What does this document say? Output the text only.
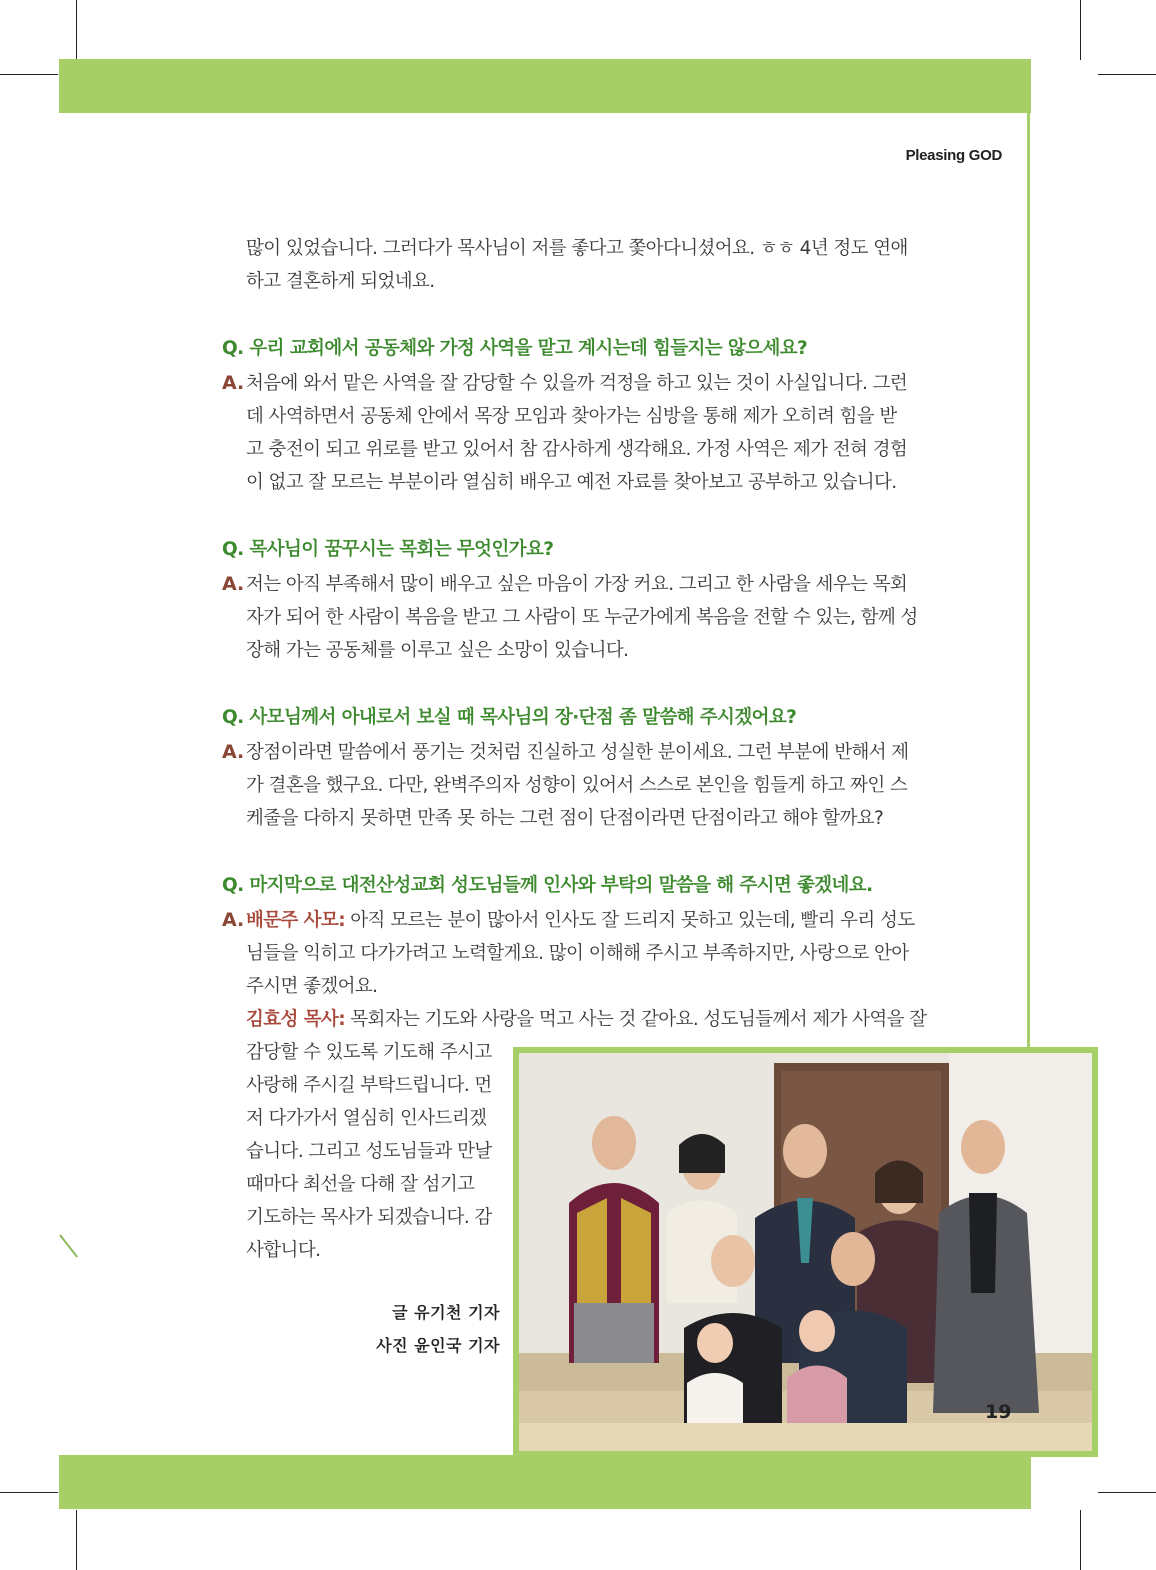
Pleasing GOD

많이 있었습니다. 그러다가 목사님이 저를 좋다고 쫓아다니셨어요. ㅎㅎ 4년 정도 연애

하고 결혼하게 되었네요.

Q. 우리 교회에서 공동체와 가정 사역을 맡고 계시는데 힘들지는 않으세요?
A. 처음에 와서 맡은 사역을 잘 감당할 수 있을까 걱정을 하고 있는 것이 사실입니다. 그런

데 사역하면서 공동체 안에서 목장 모임과 찾아가는 심방을 통해 제가 오히려 힘을 받

고 충전이 되고 위로를 받고 있어서 참 감사하게 생각해요. 가정 사역은 제가 전혀 경험

이 없고 잘 모르는 부분이라 열심히 배우고 예전 자료를 찾아보고 공부하고 있습니다.

Q. 목사님이 꿈꾸시는 목회는 무엇인가요?
A. 저는 아직 부족해서 많이 배우고 싶은 마음이 가장 커요. 그리고 한 사람을 세우는 목회

자가 되어 한 사람이 복음을 받고 그 사람이 또 누군가에게 복음을 전할 수 있는, 함께 성

장해 가는 공동체를 이루고 싶은 소망이 있습니다.

Q. 사모님께서 아내로서 보실 때 목사님의 장·단점 좀 말씀해 주시겠어요?
A. 장점이라면 말씀에서 풍기는 것처럼 진실하고 성실한 분이세요. 그런 부분에 반해서 제

가 결혼을 했구요. 다만, 완벽주의자 성향이 있어서 스스로 본인을 힘들게 하고 짜인 스

케줄을 다하지 못하면 만족 못 하는 그런 점이 단점이라면 단점이라고 해야 할까요?

Q. 마지막으로 대전산성교회 성도님들께 인사와 부탁의 말씀을 해 주시면 좋겠네요.
A. 배문주 사모: 아직 모르는 분이 많아서 인사도 잘 드리지 못하고 있는데, 빨리 우리 성도

님들을 익히고 다가가려고 노력할게요. 많이 이해해 주시고 부족하지만, 사랑으로 안아

주시면 좋겠어요.

김효성 목사: 목회자는 기도와 사랑을 먹고 사는 것 같아요. 성도님들께서 제가 사역을 잘

감당할 수 있도록 기도해 주시고

사랑해 주시길 부탁드립니다. 먼

저 다가가서 열심히 인사드리겠

습니다. 그리고 성도님들과 만날

때마다 최선을 다해 잘 섬기고

기도하는 목사가 되겠습니다. 감

사합니다.

글 유기천 기자
사진 윤인국 기자
19
